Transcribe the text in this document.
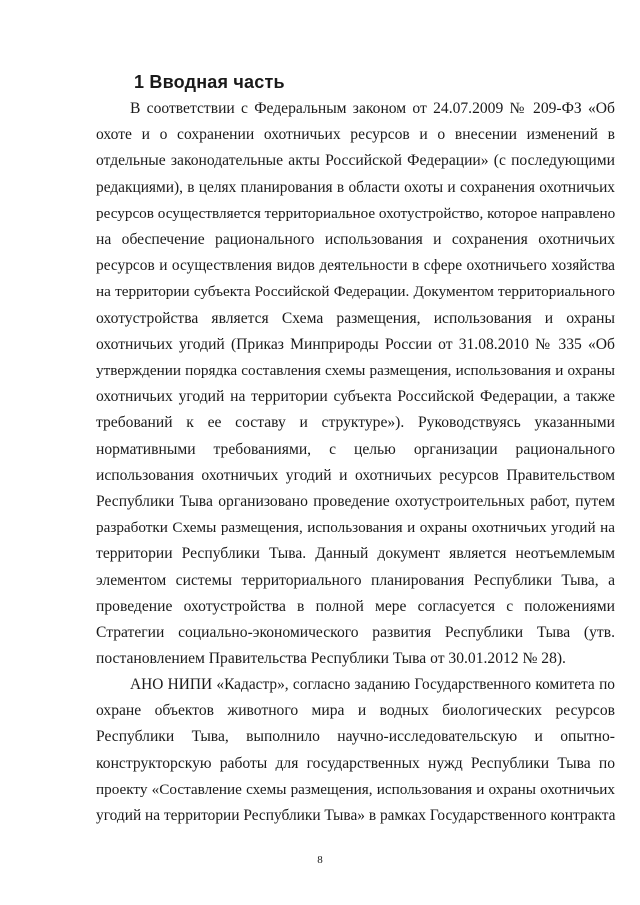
1 Вводная часть
В соответствии с Федеральным законом от 24.07.2009 № 209-ФЗ «Об
охоте и о сохранении охотничьих ресурсов и о внесении изменений в
отдельные законодательные акты Российской Федерации» (с последующими
редакциями), в целях планирования в области охоты и сохранения охотничьих
ресурсов осуществляется территориальное охотустройство, которое направлено
на обеспечение рационального использования и сохранения охотничьих
ресурсов и осуществления видов деятельности в сфере охотничьего хозяйства
на территории субъекта Российской Федерации. Документом территориального
охотустройства является Схема размещения, использования и охраны
охотничьих угодий (Приказ Минприроды России от 31.08.2010 № 335 «Об
утверждении порядка составления схемы размещения, использования и охраны
охотничьих угодий на территории субъекта Российской Федерации, а также
требований к ее составу и структуре»). Руководствуясь указанными
нормативными требованиями, с целью организации рационального
использования охотничьих угодий и охотничьих ресурсов Правительством
Республики Тыва организовано проведение охотустроительных работ, путем
разработки Схемы размещения, использования и охраны охотничьих угодий на
территории Республики Тыва. Данный документ является неотъемлемым
элементом системы территориального планирования Республики Тыва, а
проведение охотустройства в полной мере согласуется с положениями
Стратегии социально-экономического развития Республики Тыва (утв.
постановлением Правительства Республики Тыва от 30.01.2012 № 28).
АНО НИПИ «Кадастр», согласно заданию Государственного комитета по
охране объектов животного мира и водных биологических ресурсов
Республики Тыва, выполнило научно-исследовательскую и опытно-
конструкторскую работы для государственных нужд Республики Тыва по
проекту «Составление схемы размещения, использования и охраны охотничьих
угодий на территории Республики Тыва» в рамках Государственного контракта
8
